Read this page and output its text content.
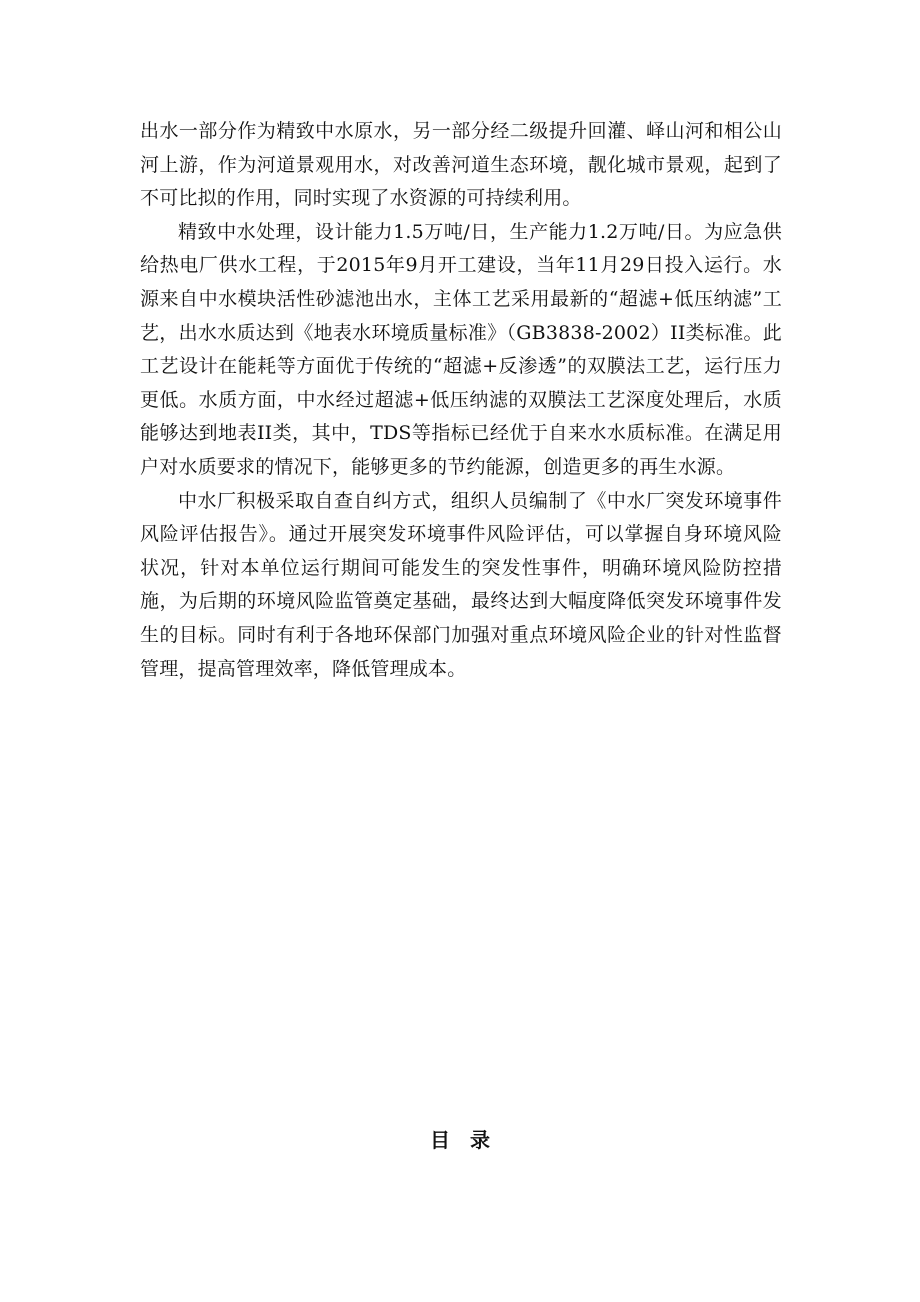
出水一部分作为精致中水原水，另一部分经二级提升回灌、峄山河和相公山河上游，作为河道景观用水，对改善河道生态环境，靓化城市景观，起到了不可比拟的作用，同时实现了水资源的可持续利用。

精致中水处理，设计能力1.5万吨/日，生产能力1.2万吨/日。为应急供给热电厂供水工程，于2015年9月开工建设，当年11月29日投入运行。水源来自中水模块活性砂滤池出水，主体工艺采用最新的“超滤+低压纳滤”工艺，出水水质达到《地表水环境质量标准》（GB3838-2002）II类标准。此工艺设计在能耗等方面优于传统的“超滤+反渗透”的双膜法工艺，运行压力更低。水质方面，中水经过超滤+低压纳滤的双膜法工艺深度处理后，水质能够达到地表II类，其中，TDS等指标已经优于自来水水质标准。在满足用户对水质要求的情况下，能够更多的节约能源，创造更多的再生水源。

中水厂积极采取自查自纠方式，组织人员编制了《中水厂突发环境事件风险评估报告》。通过开展突发环境事件风险评估，可以掌握自身环境风险状况，针对本单位运行期间可能发生的突发性事件，明确环境风险防控措施，为后期的环境风险监管奠定基础，最终达到大幅度降低突发环境事件发生的目标。同时有利于各地环保部门加强对重点环境风险企业的针对性监督管理，提高管理效率，降低管理成本。

目录
